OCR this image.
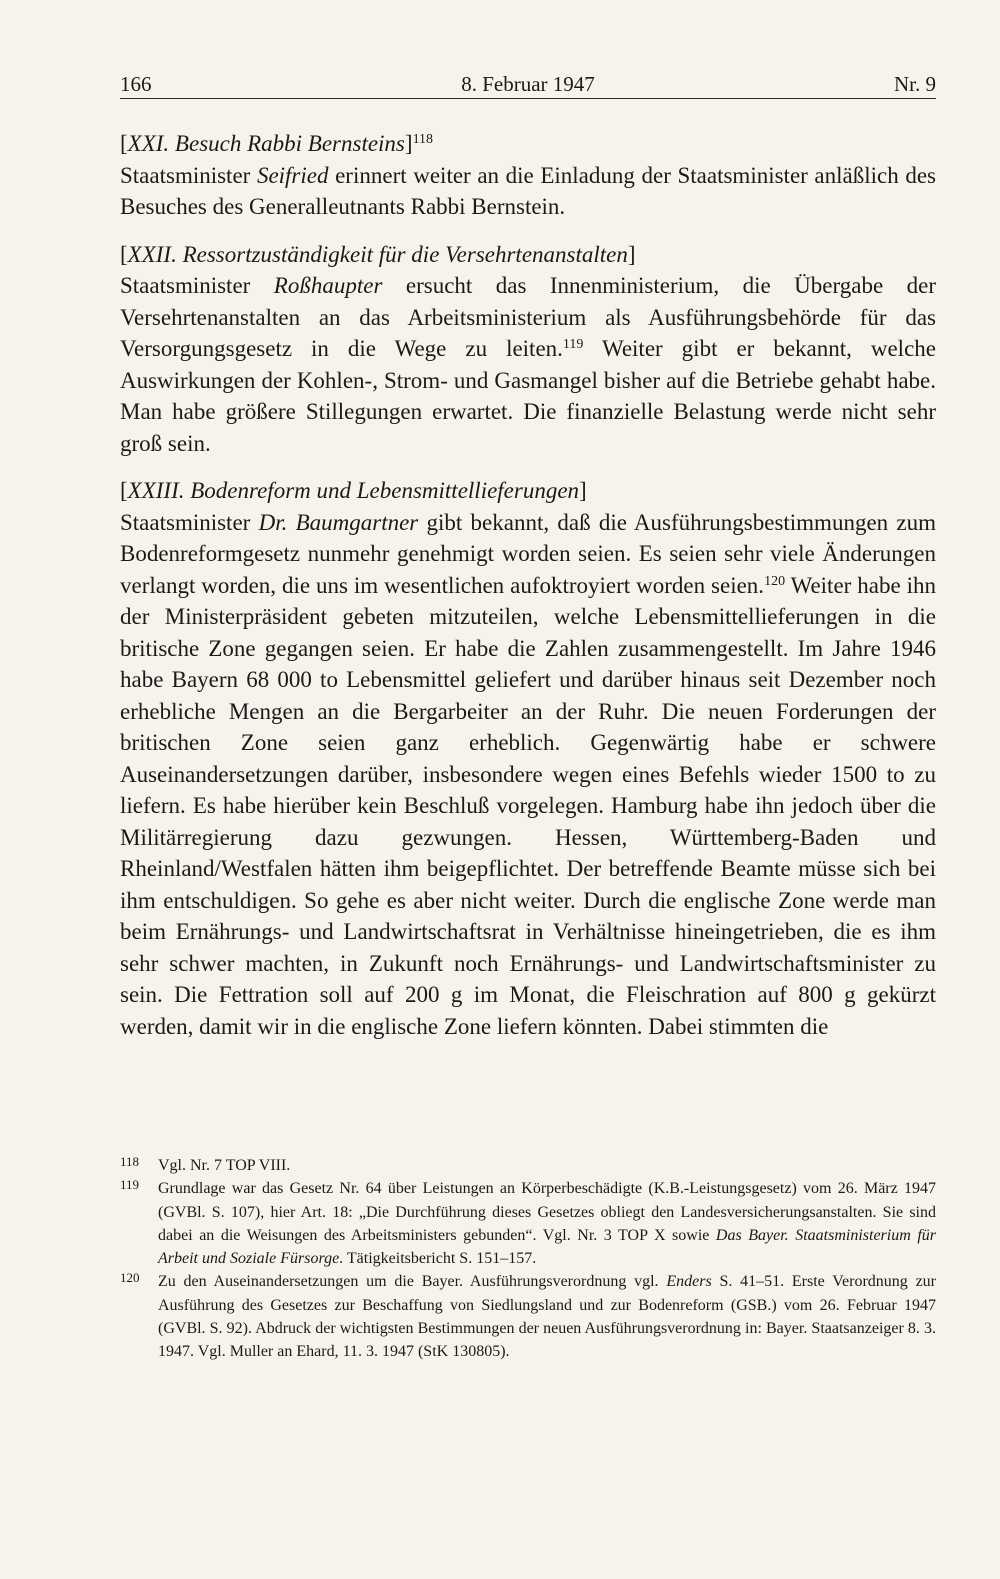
166	8. Februar 1947	Nr. 9

[XXI. Besuch Rabbi Bernsteins]$^{118}$

Staatsminister Seifried erinnert weiter an die Einladung der Staatsminister anläßlich des Besuches des Generalleutnants Rabbi Bernstein.

[XXII. Ressortzuständigkeit für die Versehrtenanstalten]

Staatsminister Roßhaupter ersucht das Innenministerium, die Übergabe der Versehrtenanstalten an das Arbeitsministerium als Ausführungsbehörde für das Versorgungsgesetz in die Wege zu leiten.$^{119}$ Weiter gibt er bekannt, welche Auswirkungen der Kohlen-, Strom- und Gasmangel bisher auf die Betriebe gehabt habe. Man habe größere Stillegungen erwartet. Die finanzielle Belastung werde nicht sehr groß sein.

[XXIII. Bodenreform und Lebensmittellieferungen]

Staatsminister Dr. Baumgartner gibt bekannt, daß die Ausführungsbestimmungen zum Bodenreformgesetz nunmehr genehmigt worden seien. Es seien sehr viele Änderungen verlangt worden, die uns im wesentlichen aufoktroyiert worden seien.$^{120}$ Weiter habe ihn der Ministerpräsident gebeten mitzuteilen, welche Lebensmittellieferungen in die britische Zone gegangen seien. Er habe die Zahlen zusammengestellt. Im Jahre 1946 habe Bayern 68 000 to Lebensmittel geliefert und darüber hinaus seit Dezember noch erhebliche Mengen an die Bergarbeiter an der Ruhr. Die neuen Forderungen der britischen Zone seien ganz erheblich. Gegenwärtig habe er schwere Auseinandersetzungen darüber, insbesondere wegen eines Befehls wieder 1500 to zu liefern. Es habe hierüber kein Beschluß vorgelegen. Hamburg habe ihn jedoch über die Militärregierung dazu gezwungen. Hessen, Württemberg-Baden und Rheinland/Westfalen hätten ihm beigepflichtet. Der betreffende Beamte müsse sich bei ihm entschuldigen. So gehe es aber nicht weiter. Durch die englische Zone werde man beim Ernährungs- und Landwirtschaftsrat in Verhältnisse hineingetrieben, die es ihm sehr schwer machten, in Zukunft noch Ernährungs- und Landwirtschaftsminister zu sein. Die Fettration soll auf 200 g im Monat, die Fleischration auf 800 g gekürzt werden, damit wir in die englische Zone liefern könnten. Dabei stimmten die

118 Vgl. Nr. 7 TOP VIII.

119 Grundlage war das Gesetz Nr. 64 über Leistungen an Körperbeschädigte (K.B.-Leistungsgesetz) vom 26. März 1947 (GVBl. S. 107), hier Art. 18: „Die Durchführung dieses Gesetzes obliegt den Landesversicherungsanstalten. Sie sind dabei an die Weisungen des Arbeitsministers gebunden“. Vgl. Nr. 3 TOP X sowie Das Bayer. Staatsministerium für Arbeit und Soziale Fürsorge. Tätigkeitsbericht S. 151–157.

120 Zu den Auseinandersetzungen um die Bayer. Ausführungsverordnung vgl. Enders S. 41–51. Erste Verordnung zur Ausführung des Gesetzes zur Beschaffung von Siedlungsland und zur Bodenreform (GSB.) vom 26. Februar 1947 (GVBl. S. 92). Abdruck der wichtigsten Bestimmungen der neuen Ausführungsverordnung in: Bayer. Staatsanzeiger 8. 3. 1947. Vgl. Muller an Ehard, 11. 3. 1947 (StK 130805).
